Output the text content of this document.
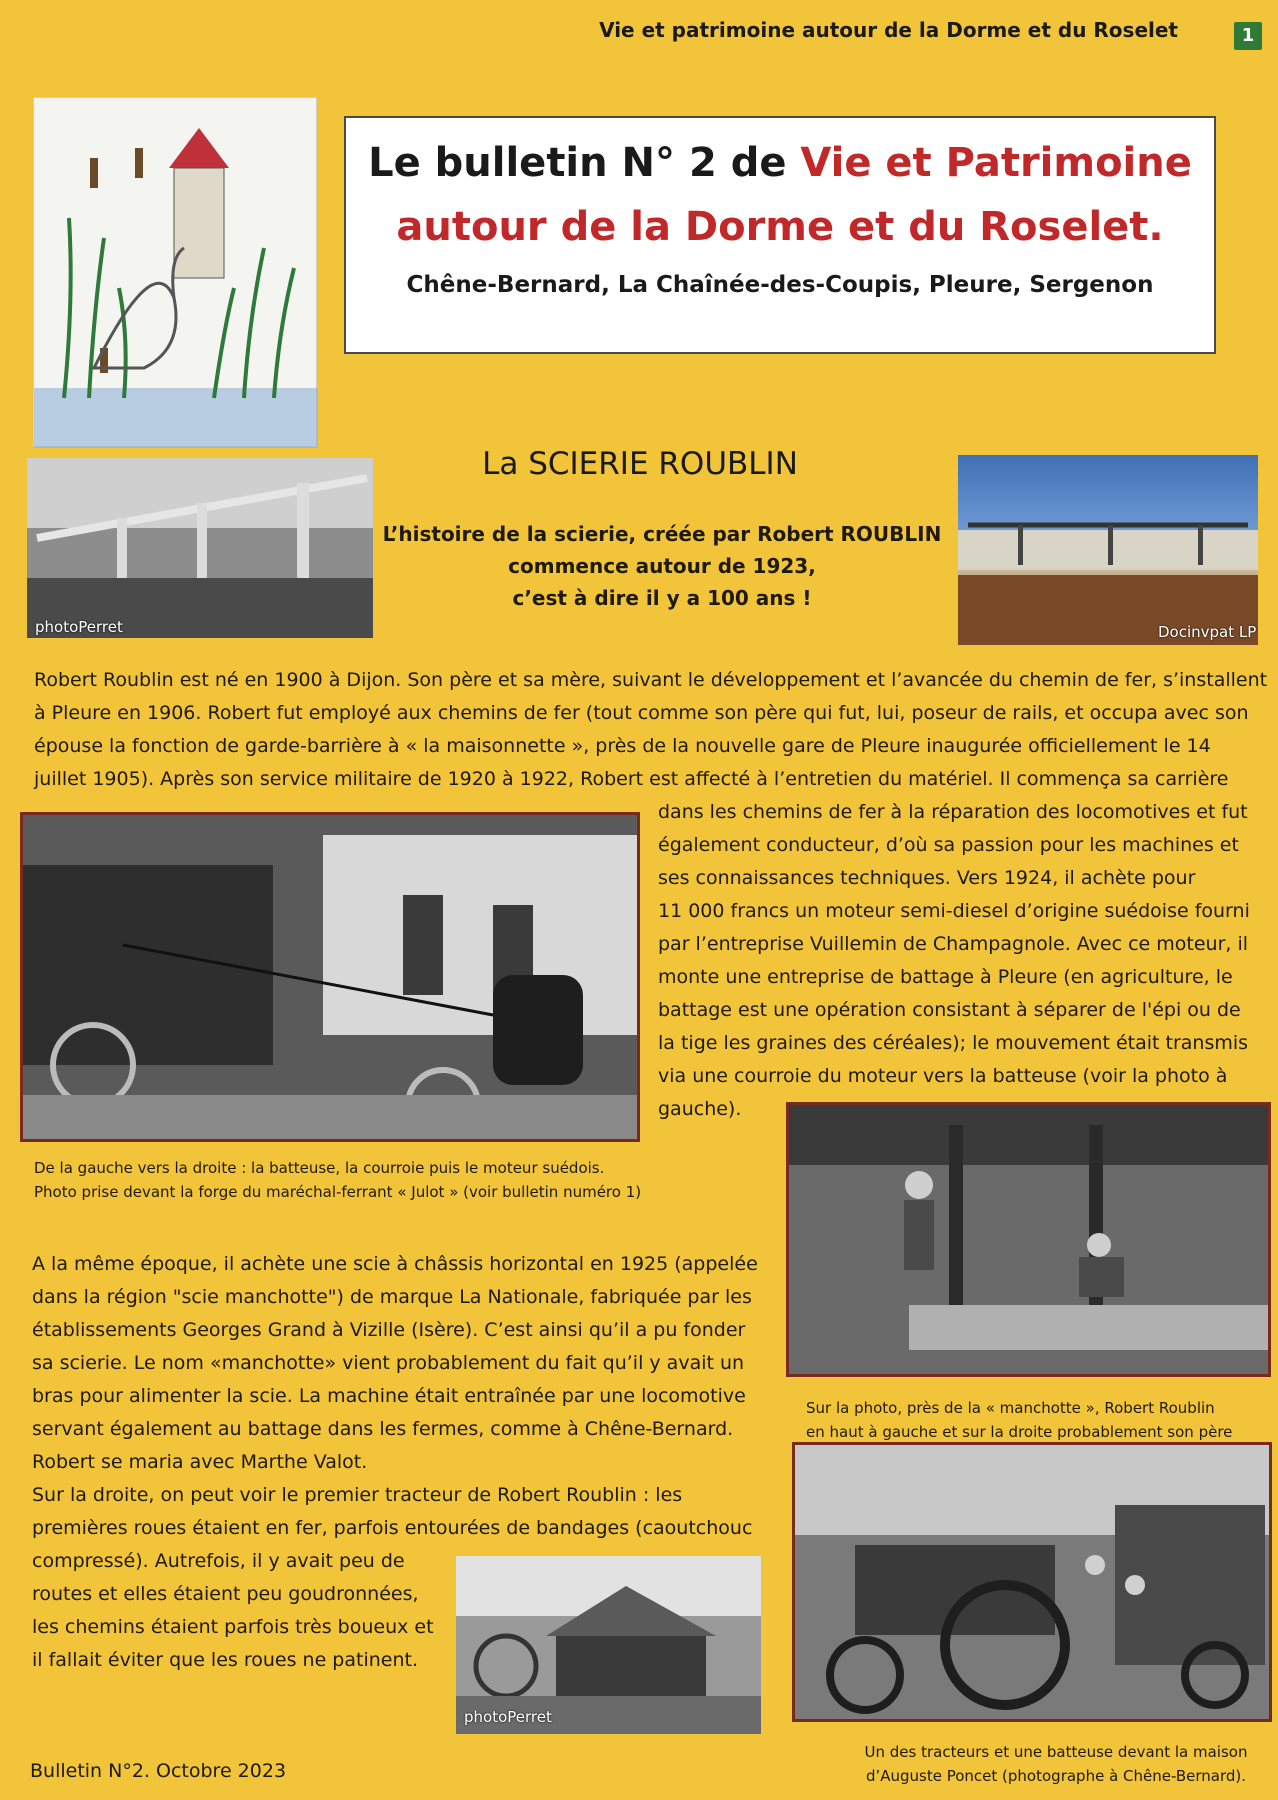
Vie et patrimoine autour de la Dorme et du Roselet	1
Le bulletin N° 2 de Vie et Patrimoine
autour de la Dorme et du Roselet.
Chêne-Bernard, La Chaînée-des-Coupis, Pleure, Sergenon
photoPerret	Docinvpat LP
La SCIERIE ROUBLIN
L’histoire de la scierie, créée par Robert ROUBLIN
commence autour de 1923,
c’est à dire il y a 100 ans !
Robert Roublin est né en 1900 à Dijon. Son père et sa mère, suivant le développement et l’avancée du chemin de fer, s’installent
à Pleure en 1906. Robert fut employé aux chemins de fer (tout comme son père qui fut, lui, poseur de rails, et occupa avec son
épouse la fonction de garde-barrière à « la maisonnette », près de la nouvelle gare de Pleure inaugurée officiellement le 14
juillet 1905). Après son service militaire de 1920 à 1922, Robert est affecté à l’entretien du matériel. Il commença sa carrière
dans les chemins de fer à la réparation des locomotives et fut
également conducteur, d’où sa passion pour les machines et
ses connaissances techniques. Vers 1924, il achète pour
11 000 francs un moteur semi-diesel d’origine suédoise fourni
par l’entreprise Vuillemin de Champagnole. Avec ce moteur, il
monte une entreprise de battage à Pleure (en agriculture, le
battage est une opération consistant à séparer de l'épi ou de
la tige les graines des céréales); le mouvement était transmis
via une courroie du moteur vers la batteuse (voir la photo à
gauche).
De la gauche vers la droite : la batteuse, la courroie puis le moteur suédois.
Photo prise devant la forge du maréchal-ferrant « Julot » (voir bulletin numéro 1)
Sur la photo, près de la « manchotte », Robert Roublin
en haut à gauche et sur la droite probablement son père
A la même époque, il achète une scie à châssis horizontal en 1925 (appelée
dans la région "scie manchotte") de marque La Nationale, fabriquée par les
établissements Georges Grand à Vizille (Isère). C’est ainsi qu’il a pu fonder
sa scierie. Le nom «manchotte» vient probablement du fait qu’il y avait un
bras pour alimenter la scie. La machine était entraînée par une locomotive
servant également au battage dans les fermes, comme à Chêne-Bernard.
Robert se maria avec Marthe Valot.
Sur la droite, on peut voir le premier tracteur de Robert Roublin : les
premières roues étaient en fer, parfois entourées de bandages (caoutchouc
compressé). Autrefois, il y avait peu de
routes et elles étaient peu goudronnées,
les chemins étaient parfois très boueux et
il fallait éviter que les roues ne patinent.
photoPerret
Un des tracteurs et une batteuse devant la maison
d’Auguste Poncet (photographe à Chêne-Bernard).
Bulletin N°2. Octobre 2023
